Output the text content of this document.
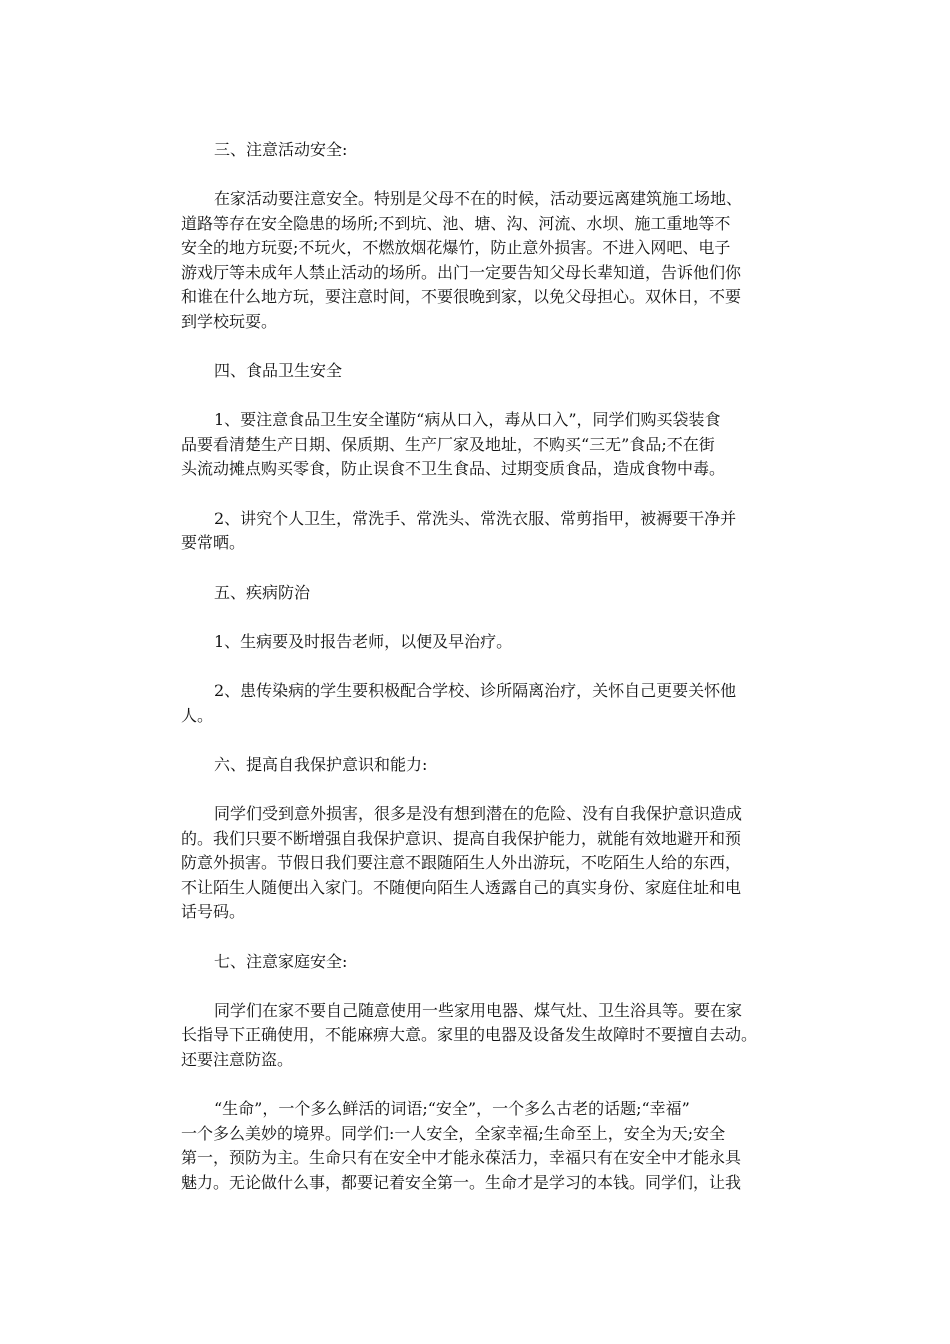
三、注意活动安全:
在家活动要注意安全。特别是父母不在的时候，活动要远离建筑施工场地、
道路等存在安全隐患的场所;不到坑、池、塘、沟、河流、水坝、施工重地等不
安全的地方玩耍;不玩火，不燃放烟花爆竹，防止意外损害。不进入网吧、电子
游戏厅等未成年人禁止活动的场所。出门一定要告知父母长辈知道，告诉他们你
和谁在什么地方玩，要注意时间，不要很晚到家，以免父母担心。双休日，不要
到学校玩耍。
四、食品卫生安全
1、要注意食品卫生安全谨防“病从口入，毒从口入”，同学们购买袋装食
品要看清楚生产日期、保质期、生产厂家及地址，不购买“三无”食品;不在街
头流动摊点购买零食，防止误食不卫生食品、过期变质食品，造成食物中毒。
2、讲究个人卫生，常洗手、常洗头、常洗衣服、常剪指甲，被褥要干净并
要常晒。
五、疾病防治
1、生病要及时报告老师，以便及早治疗。
2、患传染病的学生要积极配合学校、诊所隔离治疗，关怀自己更要关怀他
人。
六、提高自我保护意识和能力:
同学们受到意外损害，很多是没有想到潜在的危险、没有自我保护意识造成
的。我们只要不断增强自我保护意识、提高自我保护能力，就能有效地避开和预
防意外损害。节假日我们要注意不跟随陌生人外出游玩，不吃陌生人给的东西，
不让陌生人随便出入家门。不随便向陌生人透露自己的真实身份、家庭住址和电
话号码。
七、注意家庭安全:
同学们在家不要自己随意使用一些家用电器、煤气灶、卫生浴具等。要在家
长指导下正确使用，不能麻痹大意。家里的电器及设备发生故障时不要擅自去动。
还要注意防盗。
“生命”，一个多么鲜活的词语;“安全”，一个多么古老的话题;“幸福”
一个多么美妙的境界。同学们:一人安全，全家幸福;生命至上，安全为天;安全
第一，预防为主。生命只有在安全中才能永葆活力，幸福只有在安全中才能永具
魅力。无论做什么事，都要记着安全第一。生命才是学习的本钱。同学们，让我
